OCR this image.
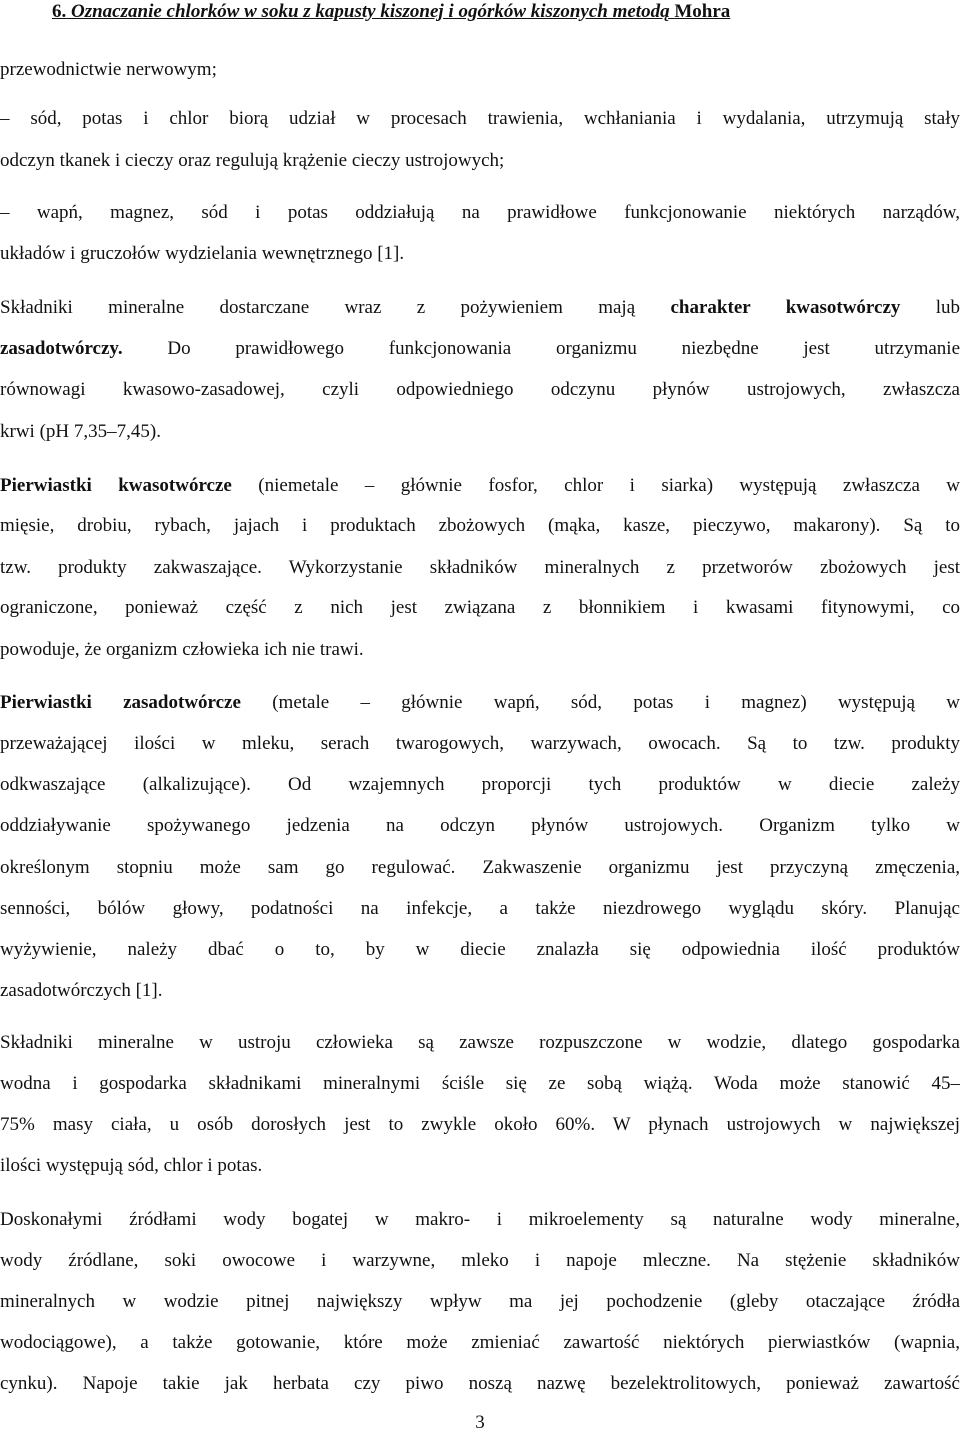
6. Oznaczanie chlorków w soku z kapusty kiszonej i ogórków kiszonych metodą Mohra
przewodnictwie nerwowym;
– sód, potas i chlor biorą udział w procesach trawienia, wchłaniania i wydalania, utrzymują stały
odczyn tkanek i cieczy oraz regulują krążenie cieczy ustrojowych;
– wapń, magnez, sód i potas oddziałują na prawidłowe funkcjonowanie niektórych narządów,
układów i gruczołów wydzielania wewnętrznego [1].
Składniki mineralne dostarczane wraz z pożywieniem mają charakter kwasotwórczy lub
zasadotwórczy. Do prawidłowego funkcjonowania organizmu niezbędne jest utrzymanie
równowagi kwasowo-zasadowej, czyli odpowiedniego odczynu płynów ustrojowych, zwłaszcza
krwi (pH 7,35–7,45).
Pierwiastki kwasotwórcze (niemetale – głównie fosfor, chlor i siarka) występują zwłaszcza w
mięsie, drobiu, rybach, jajach i produktach zbożowych (mąka, kasze, pieczywo, makarony). Są to
tzw. produkty zakwaszające. Wykorzystanie składników mineralnych z przetworów zbożowych jest
ograniczone, ponieważ część z nich jest związana z błonnikiem i kwasami fitynowymi, co
powoduje, że organizm człowieka ich nie trawi.
Pierwiastki zasadotwórcze (metale – głównie wapń, sód, potas i magnez) występują w
przeważającej ilości w mleku, serach twarogowych, warzywach, owocach. Są to tzw. produkty
odkwaszające (alkalizujące). Od wzajemnych proporcji tych produktów w diecie zależy
oddziaływanie spożywanego jedzenia na odczyn płynów ustrojowych. Organizm tylko w
określonym stopniu może sam go regulować. Zakwaszenie organizmu jest przyczyną zmęczenia,
senności, bólów głowy, podatności na infekcje, a także niezdrowego wyglądu skóry. Planując
wyżywienie, należy dbać o to, by w diecie znalazła się odpowiednia ilość produktów
zasadotwórczych [1].
Składniki mineralne w ustroju człowieka są zawsze rozpuszczone w wodzie, dlatego gospodarka
wodna i gospodarka składnikami mineralnymi ściśle się ze sobą wiążą. Woda może stanowić 45–
75% masy ciała, u osób dorosłych jest to zwykle około 60%. W płynach ustrojowych w największej
ilości występują sód, chlor i potas.
Doskonałymi źródłami wody bogatej w makro- i mikroelementy są naturalne wody mineralne,
wody źródlane, soki owocowe i warzywne, mleko i napoje mleczne. Na stężenie składników
mineralnych w wodzie pitnej największy wpływ ma jej pochodzenie (gleby otaczające źródła
wodociągowe), a także gotowanie, które może zmieniać zawartość niektórych pierwiastków (wapnia,
cynku). Napoje takie jak herbata czy piwo noszą nazwę bezelektrolitowych, ponieważ zawartość
3
